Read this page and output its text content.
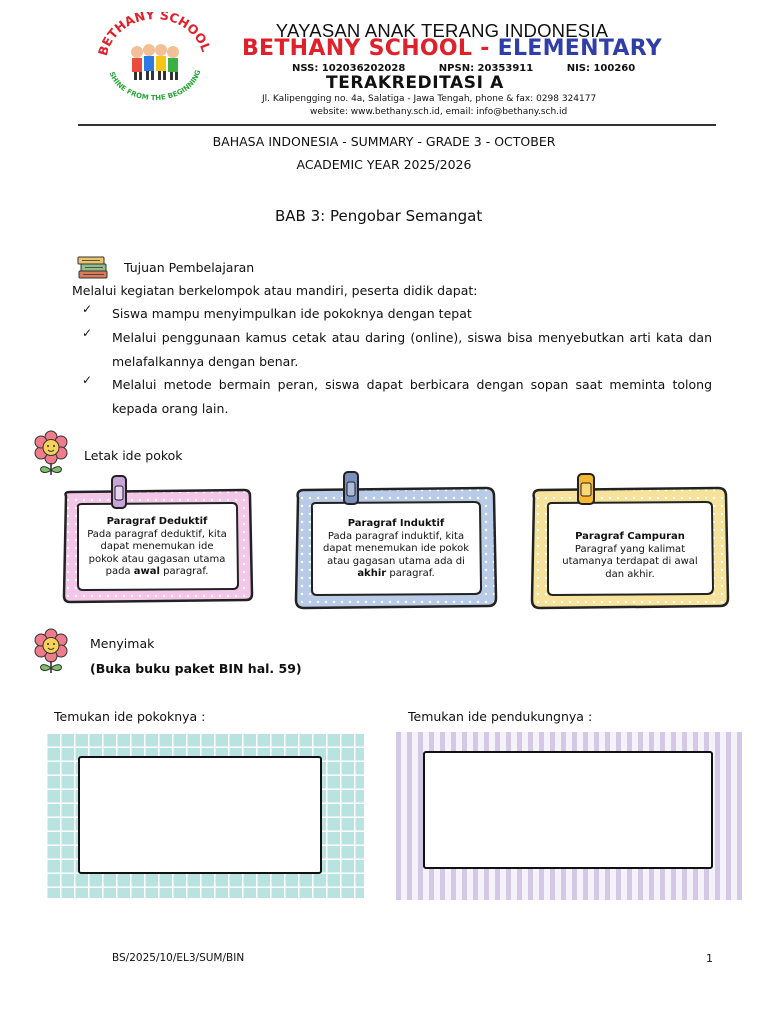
BETHANY SCHOOL
SHINE FROM THE BEGINNING
YAYASAN ANAK TERANG INDONESIA
BETHANY SCHOOL - ELEMENTARY
NSS: 102036202028	NPSN: 20353911	NIS: 100260
TERAKREDITASI A
Jl. Kalipengging no. 4a, Salatiga - Jawa Tengah, phone & fax: 0298 324177
website: www.bethany.sch.id, email: info@bethany.sch.id
BAHASA INDONESIA - SUMMARY - GRADE 3 - OCTOBER
ACADEMIC YEAR 2025/2026
BAB 3: Pengobar Semangat
Tujuan Pembelajaran
Melalui kegiatan berkelompok atau mandiri, peserta didik dapat:
✓ Siswa mampu menyimpulkan ide pokoknya dengan tepat
✓ Melalui penggunaan kamus cetak atau daring (online), siswa bisa menyebutkan arti kata dan melafalkannya dengan benar.
✓ Melalui metode bermain peran, siswa dapat berbicara dengan sopan saat meminta tolong kepada orang lain.
Letak ide pokok
Paragraf Deduktif
Pada paragraf deduktif, kita dapat menemukan ide pokok atau gagasan utama pada awal paragraf.
Paragraf Induktif
Pada paragraf induktif, kita dapat menemukan ide pokok atau gagasan utama ada di akhir paragraf.
Paragraf Campuran
Paragraf yang kalimat utamanya terdapat di awal dan akhir.
Menyimak
(Buka buku paket BIN hal. 59)
Temukan ide pokoknya :	Temukan ide pendukungnya :
BS/2025/10/EL3/SUM/BIN	1
